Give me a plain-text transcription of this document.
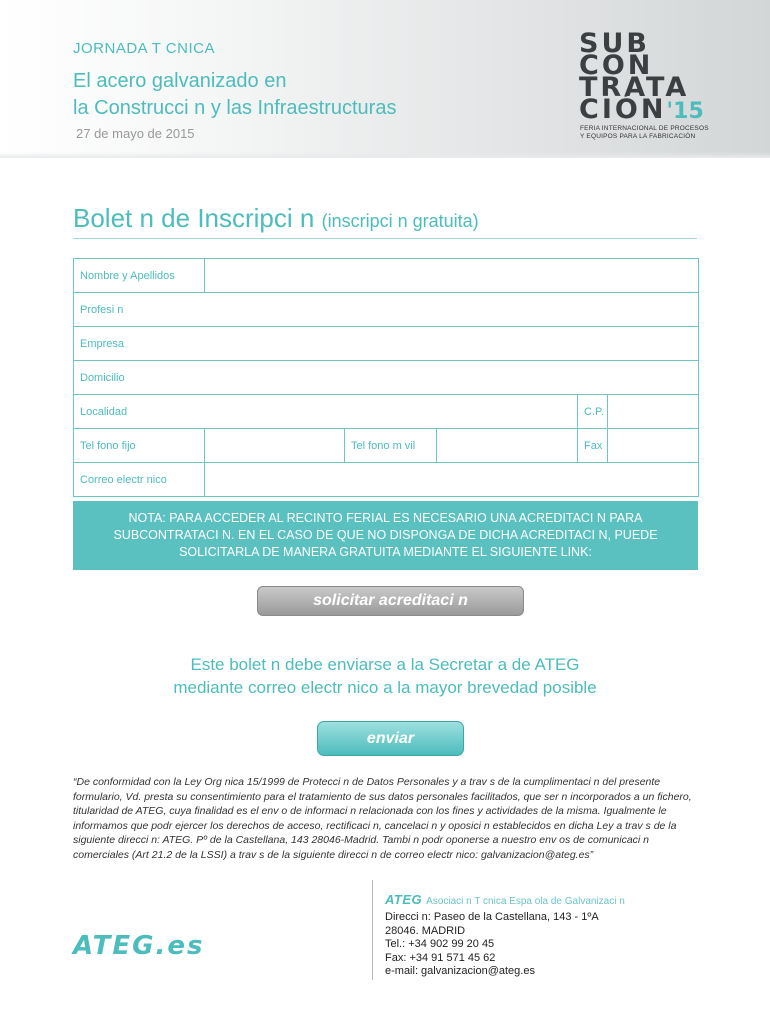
JORNADA T CNICA
El acero galvanizado en
la Construcci n y las Infraestructuras
27 de mayo de 2015
SUB
CON
TRATA
CIÓN'15
FERIA INTERNACIONAL DE PROCESOS
Y EQUIPOS PARA LA FABRICACIÓN
Bolet n de Inscripci n (inscripci n gratuita)
Nombre y Apellidos					
Profesi n					
Empresa					
Domicilio					
Localidad				C.P.	
Tel fono fijo		Tel fono m vil		Fax	
Correo electr nico					
NOTA: PARA ACCEDER AL RECINTO FERIAL ES NECESARIO UNA ACREDITACI N PARA
SUBCONTRATACI N. EN EL CASO DE QUE NO DISPONGA DE DICHA ACREDITACI N, PUEDE
SOLICITARLA DE MANERA GRATUITA MEDIANTE EL SIGUIENTE LINK:
solicitar acreditaci n
Este bolet n debe enviarse a la Secretar a de ATEG
mediante correo electr nico a la mayor brevedad posible
enviar
“De conformidad con la Ley Org nica 15/1999 de Protecci n de Datos Personales y a trav s de la cumplimentaci n del presente formulario, Vd. presta su consentimiento para el tratamiento de sus datos personales facilitados, que ser n incorporados a un fichero, titularidad de ATEG, cuya finalidad es el env o de informaci n relacionada con los fines y actividades de la misma. Igualmente le informamos que podr ejercer los derechos de acceso, rectificaci n, cancelaci n y oposici n establecidos en dicha Ley a trav s de la siguiente direcci n: ATEG. Pº de la Castellana, 143 28046-Madrid. Tambi n podr oponerse a nuestro env os de comunicaci n comerciales (Art 21.2 de la LSSI) a trav s de la siguiente direcci n de correo electr nico: galvanizacion@ateg.es”
ATEG Asociaci n T cnica Espa ola de Galvanizaci n
Direcci n: Paseo de la Castellana, 143 - 1ºA
28046. MADRID
Tel.: +34 902 99 20 45
Fax: +34 91 571 45 62
e-mail: galvanizacion@ateg.es
ATEG.es
